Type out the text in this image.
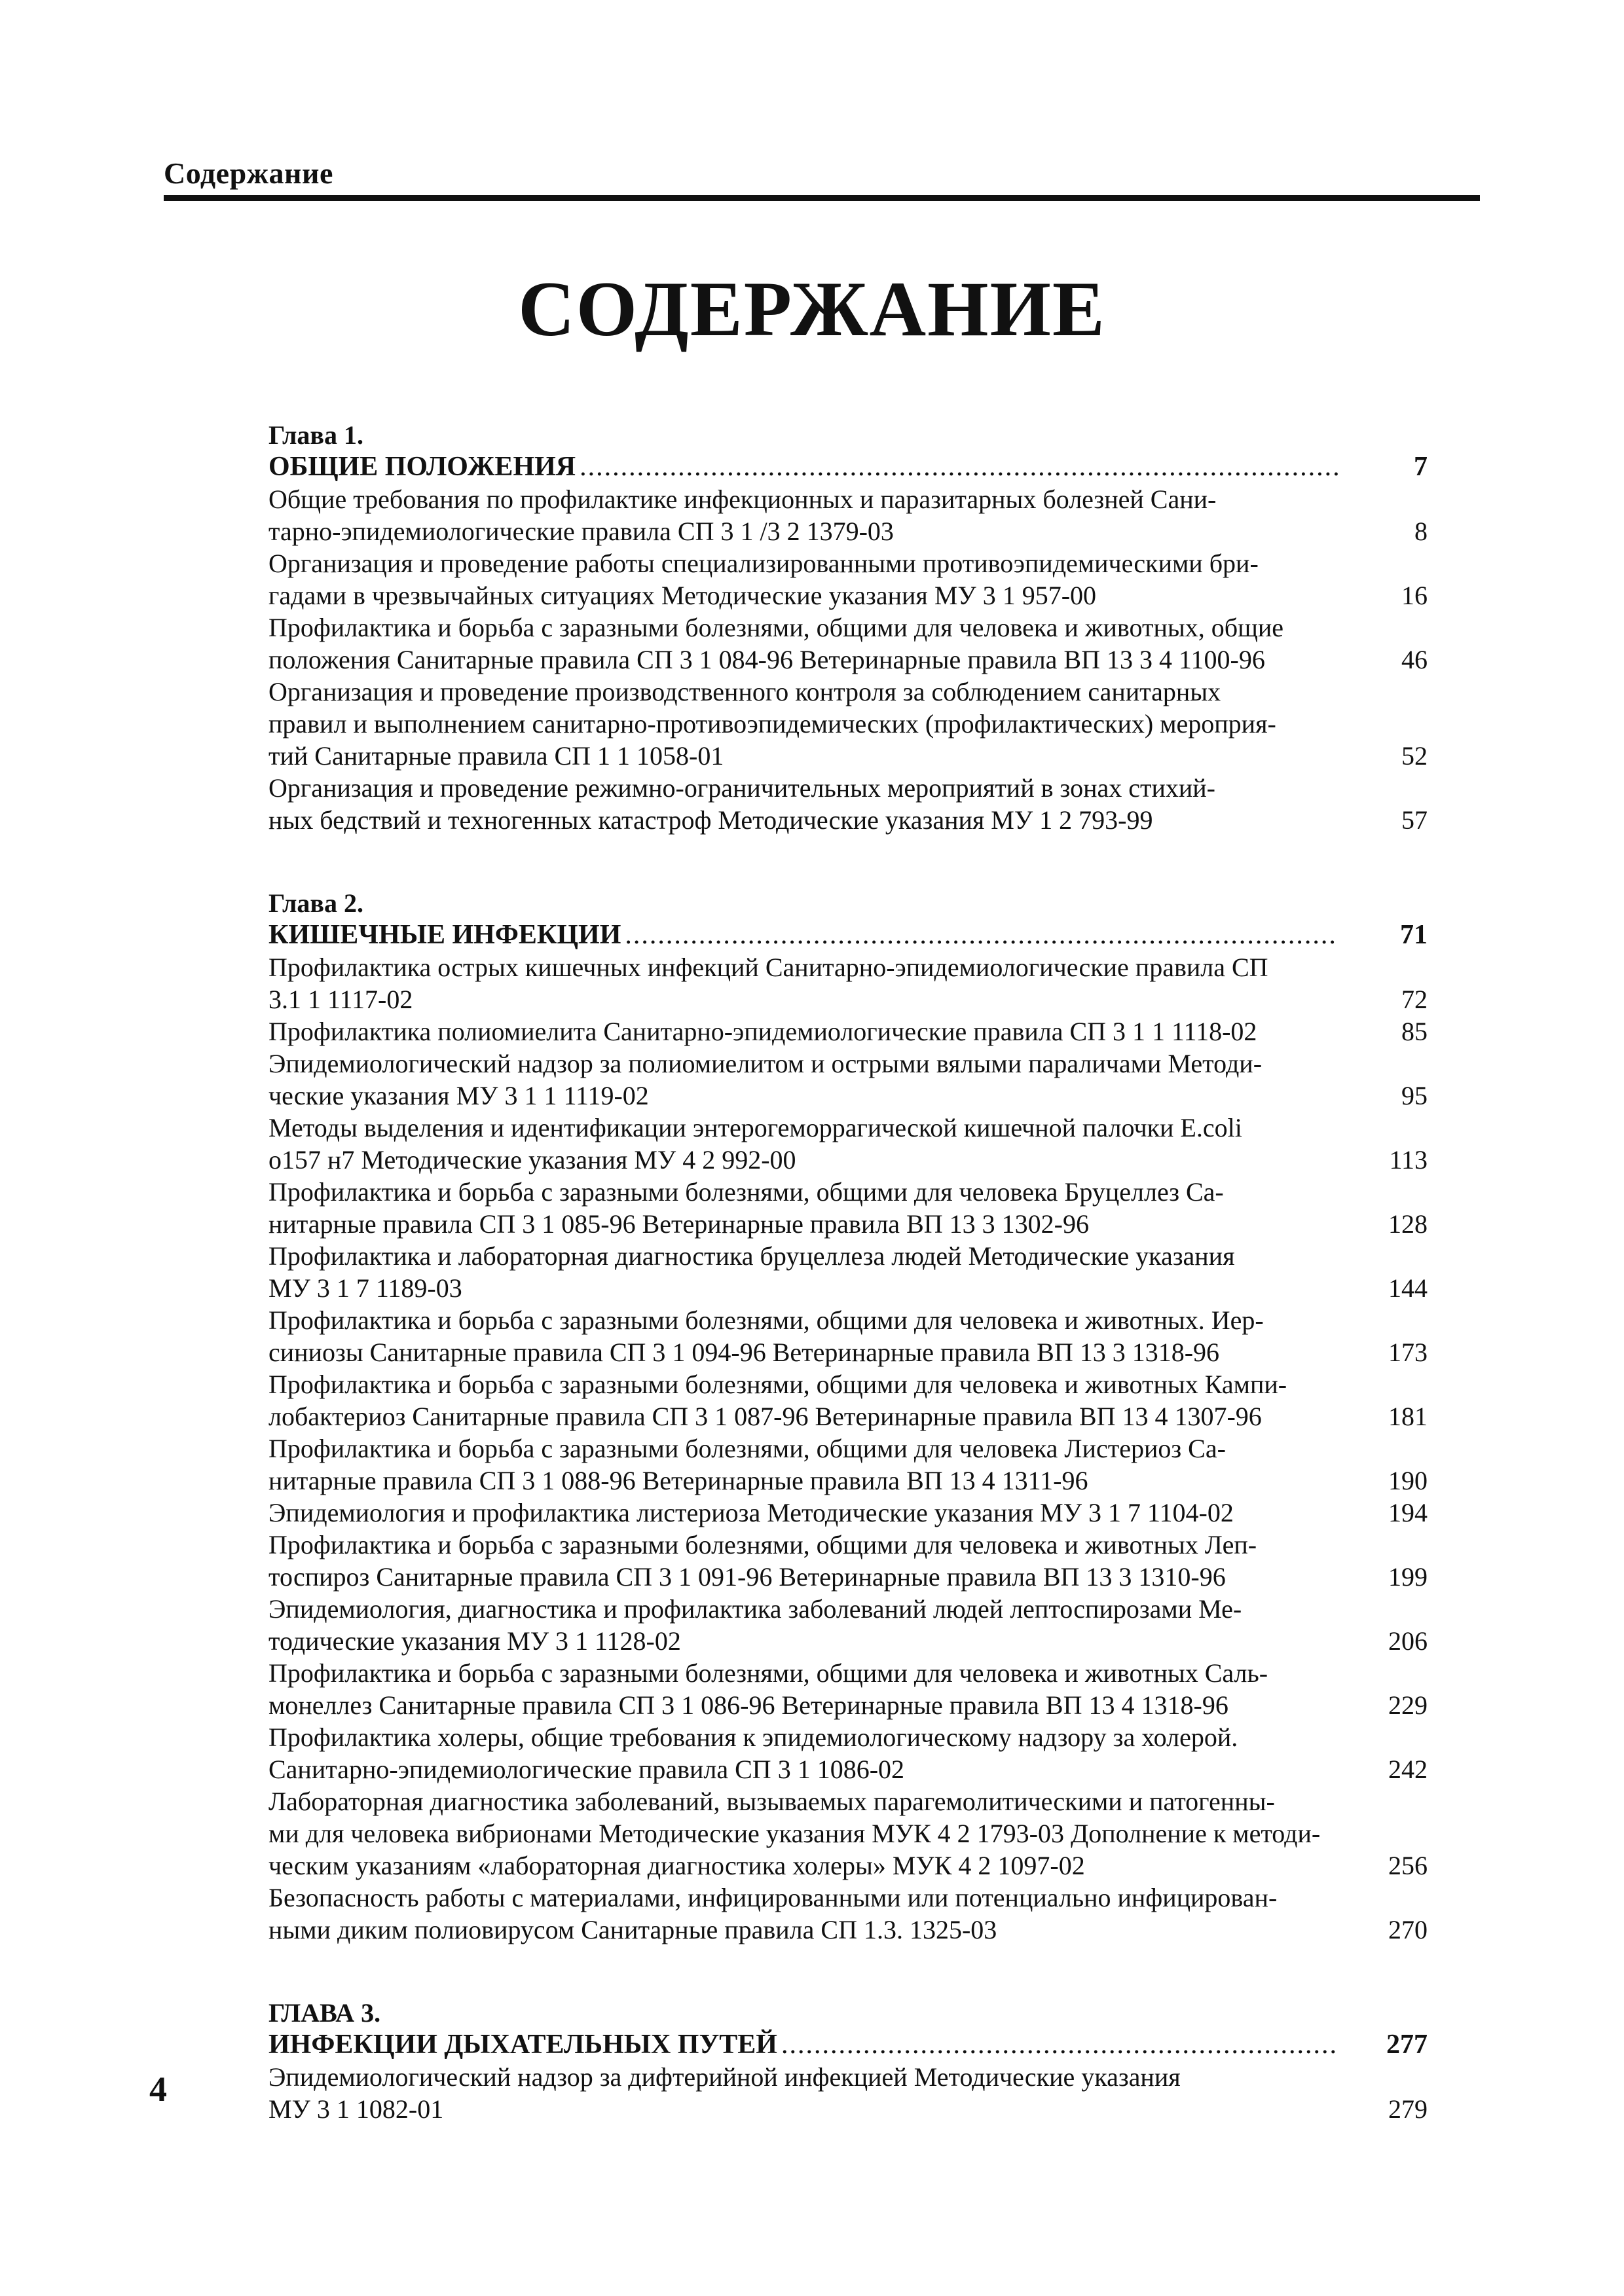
Содержание
СОДЕРЖАНИЕ
Глава 1.
ОБЩИЕ ПОЛОЖЕНИЯ .....	7
Общие требования по профилактике инфекционных и паразитарных болезней Сани-
тарно-эпидемиологические правила СП 3 1 /3 2 1379-03	8
Организация и проведение работы специализированными противоэпидемическими бри-
гадами в чрезвычайных ситуациях Методические указания МУ 3 1 957-00	16
Профилактика и борьба с заразными болезнями, общими для человека и животных, общие
положения Санитарные правила СП 3 1 084-96 Ветеринарные правила ВП 13 3 4 1100-96	46
Организация и проведение производственного контроля за соблюдением санитарных
правил и выполнением санитарно-противоэпидемических (профилактических) мероприя-
тий Санитарные правила СП 1 1 1058-01	52
Организация и проведение режимно-ограничительных мероприятий в зонах стихий-
ных бедствий и техногенных катастроф Методические указания МУ 1 2 793-99	57
Глава 2.
КИШЕЧНЫЕ ИНФЕКЦИИ .....	71
Профилактика острых кишечных инфекций Санитарно-эпидемиологические правила СП
3.1 1 1117-02	72
Профилактика полиомиелита Санитарно-эпидемиологические правила СП 3 1 1 1118-02	85
Эпидемиологический надзор за полиомиелитом и острыми вялыми параличами Методи-
ческие указания МУ 3 1 1 1119-02	95
Методы выделения и идентификации энтерогеморрагической кишечной палочки E.coli
о157 н7 Методические указания МУ 4 2 992-00	113
Профилактика и борьба с заразными болезнями, общими для человека Бруцеллез Са-
нитарные правила СП 3 1 085-96 Ветеринарные правила ВП 13 3 1302-96	128
Профилактика и лабораторная диагностика бруцеллеза людей Методические указания
МУ 3 1 7 1189-03	144
Профилактика и борьба с заразными болезнями, общими для человека и животных. Иер-
синиозы Санитарные правила СП 3 1 094-96 Ветеринарные правила ВП 13 3 1318-96	173
Профилактика и борьба с заразными болезнями, общими для человека и животных Кампи-
лобактериоз Санитарные правила СП 3 1 087-96 Ветеринарные правила ВП 13 4 1307-96	181
Профилактика и борьба с заразными болезнями, общими для человека Листериоз Са-
нитарные правила СП 3 1 088-96 Ветеринарные правила ВП 13 4 1311-96	190
Эпидемиология и профилактика листериоза Методические указания МУ 3 1 7 1104-02	194
Профилактика и борьба с заразными болезнями, общими для человека и животных Леп-
тоспироз Санитарные правила СП 3 1 091-96 Ветеринарные правила ВП 13 3 1310-96	199
Эпидемиология, диагностика и профилактика заболеваний людей лептоспирозами Ме-
тодические указания МУ 3 1 1128-02	206
Профилактика и борьба с заразными болезнями, общими для человека и животных Саль-
монеллез Санитарные правила СП 3 1 086-96 Ветеринарные правила ВП 13 4 1318-96	229
Профилактика холеры, общие требования к эпидемиологическому надзору за холерой.
Санитарно-эпидемиологические правила СП 3 1 1086-02	242
Лабораторная диагностика заболеваний, вызываемых парагемолитическими и патогенны-
ми для человека вибрионами Методические указания МУК 4 2 1793-03 Дополнение к методи-
ческим указаниям «лабораторная диагностика холеры» МУК 4 2 1097-02	256
Безопасность работы с материалами, инфицированными или потенциально инфицирован-
ными диким полиовирусом Санитарные правила СП 1.3. 1325-03	270
ГЛАВА 3.
ИНФЕКЦИИ ДЫХАТЕЛЬНЫХ ПУТЕЙ .....	277
Эпидемиологический надзор за дифтерийной инфекцией Методические указания
МУ 3 1 1082-01	279
4
